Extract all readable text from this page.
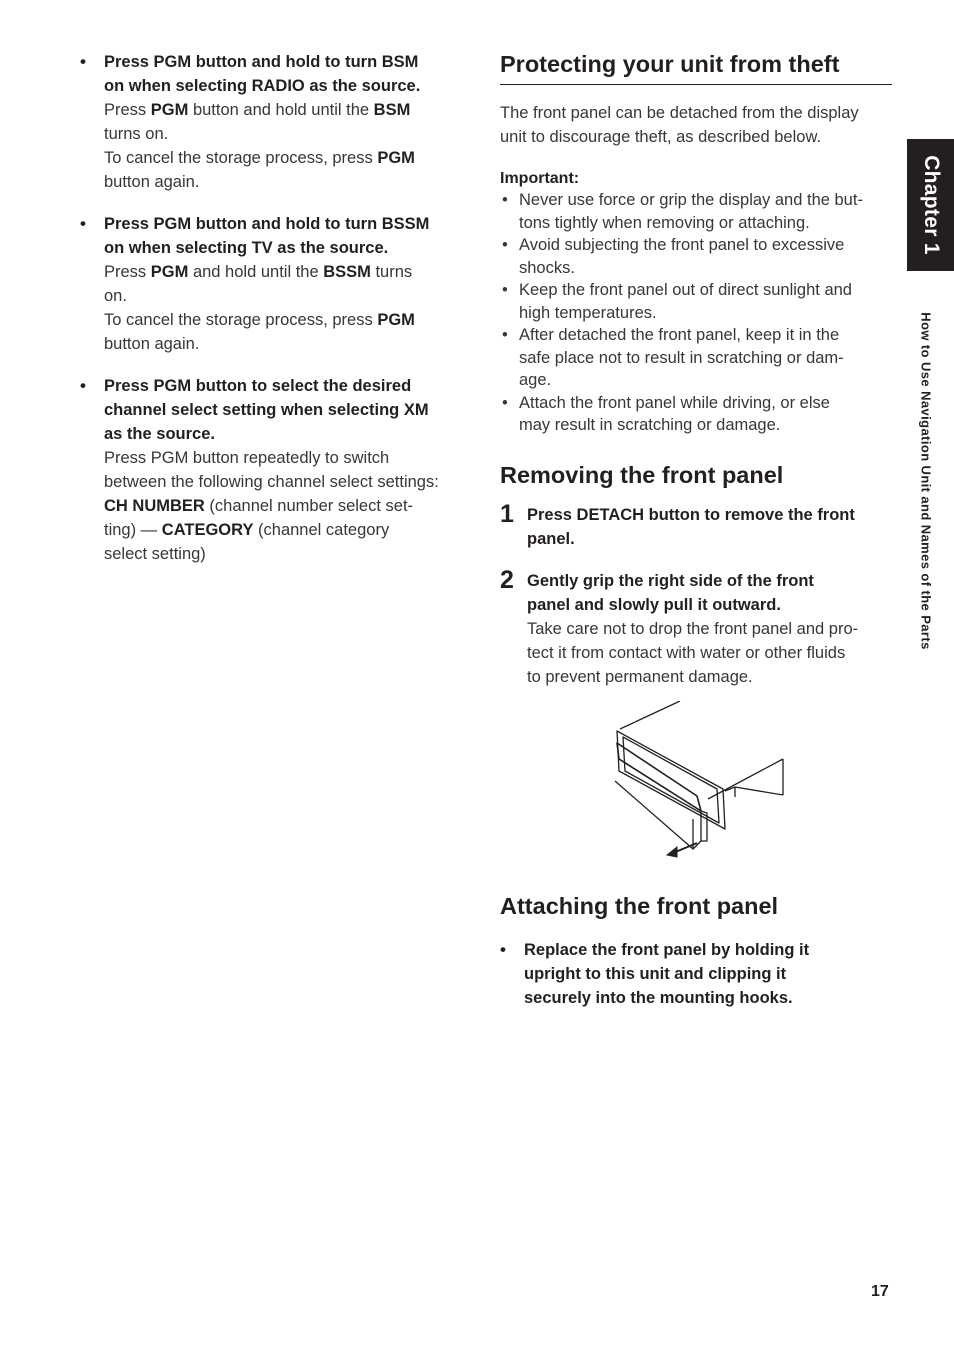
• Press PGM button and hold to turn BSM
on when selecting RADIO as the source.
Press PGM button and hold until the BSM
turns on.
To cancel the storage process, press PGM
button again.
• Press PGM button and hold to turn BSSM
on when selecting TV as the source.
Press PGM and hold until the BSSM turns
on.
To cancel the storage process, press PGM
button again.
• Press PGM button to select the desired
channel select setting when selecting XM
as the source.
Press PGM button repeatedly to switch
between the following channel select settings:
CH NUMBER (channel number select set-
ting) — CATEGORY (channel category
select setting)
Protecting your unit from theft
The front panel can be detached from the display
unit to discourage theft, as described below.
Important:
• Never use force or grip the display and the but-
tons tightly when removing or attaching.
• Avoid subjecting the front panel to excessive
shocks.
• Keep the front panel out of direct sunlight and
high temperatures.
• After detached the front panel, keep it in the
safe place not to result in scratching or dam-
age.
• Attach the front panel while driving, or else
may result in scratching or damage.
Removing the front panel
1 Press DETACH button to remove the front
panel.
2 Gently grip the right side of the front
panel and slowly pull it outward.
Take care not to drop the front panel and pro-
tect it from contact with water or other fluids
to prevent permanent damage.
Attaching the front panel
• Replace the front panel by holding it
upright to this unit and clipping it
securely into the mounting hooks.
Chapter 1
How to Use Navigation Unit and Names of the Parts
17
